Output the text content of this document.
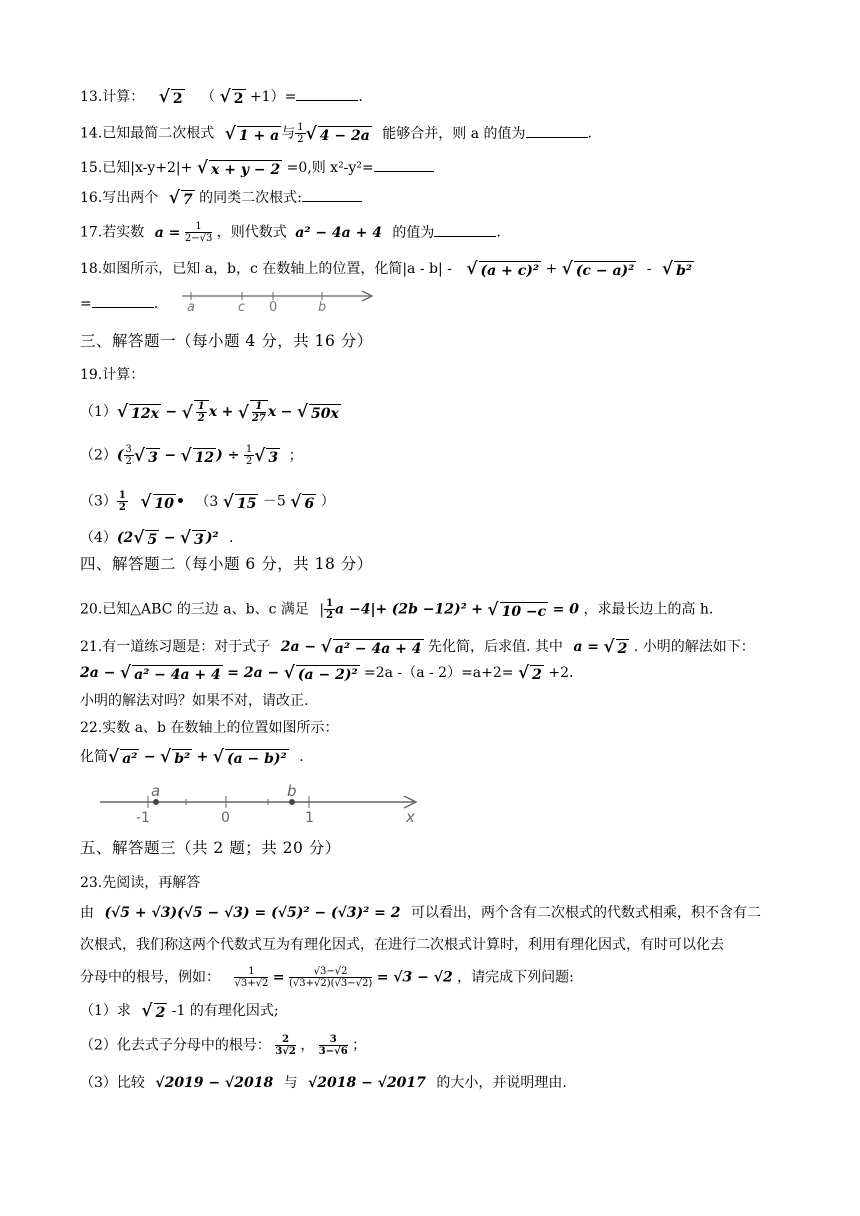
13.计算： √ 2 （ √ 2 +1）=	.
14.已知最简二次根式 √ 1 + a 与 $\frac{1}{2}$ √ 4 − 2a 能够合并，则 a 的值为	.
15.已知|x-y+2|+ √ x + y − 2 =0,则 x²-y²=
16.写出两个 √ 7 的同类二次根式:
17.若实数 $a = \frac{1}{2-√3}$ ，则代数式 a² − 4a + 4 的值为	.
18.如图所示，已知 a，b，c 在数轴上的位置，化简|a - b| - √ (a + c)² + √ (c − a)² - √ b²
=	. a	c 0	b
三、解答题一（每小题 4 分，共 16 分）
19.计算：
（1） √ 12x − √ $\frac{1}{2}$ x + √ $\frac{1}{27}$ x − √ 50x
$(2)( \frac{3}{2}$ √ 3 − √ 12 ) ÷ $\frac{1}{2}$ √ 3 ；
$(3) \frac{1}{2}$
√ 10 • （3 √ 15 －5 √ 6 ）
（4）(2 √ 5 − √ 3 )² .
四、解答题二（每小题 6 分，共 18 分）
20.已知△ABC 的三边 a、b、c 满足 | $\frac{1}{2}$ a −4|+ (2b −12)² + √ 10 −c = 0 ，求最长边上的高 h.
21.有一道练习题是：对于式子 2a − √ a² − 4a + 4 先化简，后求值. 其中 a = √ 2 . 小明的解法如下：
2a − √ a² − 4a + 4 = 2a − √ (a − 2)² =2a -（a - 2）=a+2= √ 2 +2.
小明的解法对吗？如果不对，请改正.
22.实数 a、b 在数轴上的位置如图所示：
化简 √ a² − √ b² + √ (a − b)² .
a	b
-1	0	1	x
五、解答题三（共 2 题；共 20 分）
23.先阅读，再解答
由 (√5 + √3)(√5 − √3) = (√5)² − (√3)² = 2 可以看出，两个含有二次根式的代数式相乘，积不含有二
次根式，我们称这两个代数式互为有理化因式，在进行二次根式计算时，利用有理化因式，有时可以化去
分母中的根号，例如： $\frac{1}{√3+√2} = \frac{√3-√2}{(√3+√2)(√3-√2)} = √3 - √2$ ，请完成下列问题:
（1）求 √ 2 -1 的有理化因式;
（2）化去式子分母中的根号： $\frac{2}{3√2}$ ， $\frac{3}{3-√6}$ ；
（3）比较 √2019 − √2018 与 √2018 − √2017 的大小，并说明理由.
